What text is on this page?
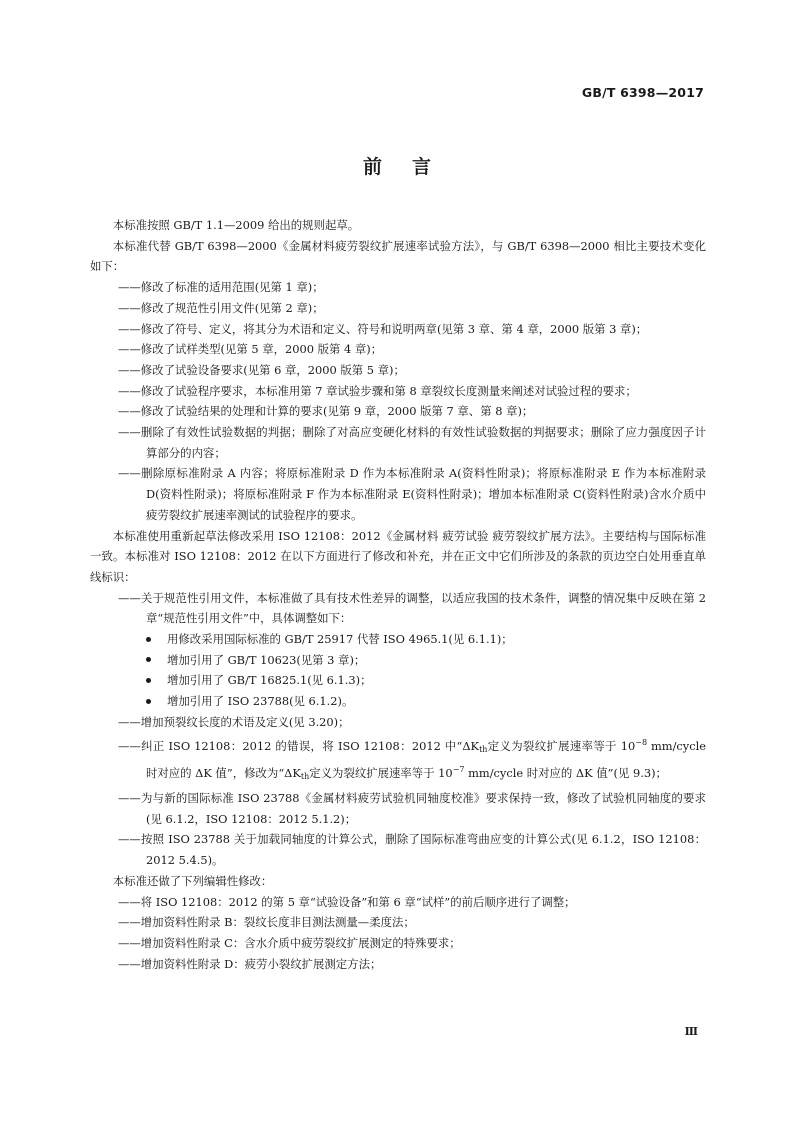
GB/T 6398—2017
前言

本标准按照 GB/T 1.1—2009 给出的规则起草。

本标准代替 GB/T 6398—2000《金属材料疲劳裂纹扩展速率试验方法》，与 GB/T 6398—2000 相比主要技术变化如下：

——修改了标准的适用范围(见第 1 章)；

——修改了规范性引用文件(见第 2 章)；

——修改了符号、定义，将其分为术语和定义、符号和说明两章(见第 3 章、第 4 章，2000 版第 3 章)；

——修改了试样类型(见第 5 章，2000 版第 4 章)；

——修改了试验设备要求(见第 6 章，2000 版第 5 章)；

——修改了试验程序要求，本标准用第 7 章试验步骤和第 8 章裂纹长度测量来阐述对试验过程的要求；

——修改了试验结果的处理和计算的要求(见第 9 章，2000 版第 7 章、第 8 章)；

——删除了有效性试验数据的判据；删除了对高应变硬化材料的有效性试验数据的判据要求；删除了应力强度因子计算部分的内容；

——删除原标准附录 A 内容；将原标准附录 D 作为本标准附录 A(资料性附录)；将原标准附录 E 作为本标准附录 D(资料性附录)；将原标准附录 F 作为本标准附录 E(资料性附录)；增加本标准附录 C(资料性附录)含水介质中疲劳裂纹扩展速率测试的试验程序的要求。

本标准使用重新起草法修改采用 ISO 12108：2012《金属材料 疲劳试验 疲劳裂纹扩展方法》。主要结构与国际标准一致。本标准对 ISO 12108：2012 在以下方面进行了修改和补充，并在正文中它们所涉及的条款的页边空白处用垂直单线标识：

——关于规范性引用文件，本标准做了具有技术性差异的调整，以适应我国的技术条件，调整的情况集中反映在第 2 章“规范性引用文件”中，具体调整如下：

用修改采用国际标准的 GB/T 25917 代替 ISO 4965.1(见 6.1.1)；

增加引用了 GB/T 10623(见第 3 章)；

增加引用了 GB/T 16825.1(见 6.1.3)；

增加引用了 ISO 23788(见 6.1.2)。

——增加预裂纹长度的术语及定义(见 3.20)；

——纠正 ISO 12108：2012 的错误，将 ISO 12108：2012 中“$\Delta K_{th}$定义为裂纹扩展速率等于 $10^{-8}$ mm/cycle 时对应的 ΔK 值”，修改为“$\Delta K_{th}$定义为裂纹扩展速率等于 $10^{-7}$ mm/cycle 时对应的 ΔK 值”(见 9.3)；

——为与新的国际标准 ISO 23788《金属材料疲劳试验机同轴度校准》要求保持一致，修改了试验机同轴度的要求(见 6.1.2，ISO 12108：2012 5.1.2)；

——按照 ISO 23788 关于加载同轴度的计算公式，删除了国际标准弯曲应变的计算公式(见 6.1.2，ISO 12108：2012 5.4.5)。

本标准还做了下列编辑性修改：

——将 ISO 12108：2012 的第 5 章“试验设备”和第 6 章“试样”的前后顺序进行了调整；

——增加资料性附录 B：裂纹长度非目测法测量—柔度法；

——增加资料性附录 C：含水介质中疲劳裂纹扩展测定的特殊要求；

——增加资料性附录 D：疲劳小裂纹扩展测定方法；

Ⅲ
